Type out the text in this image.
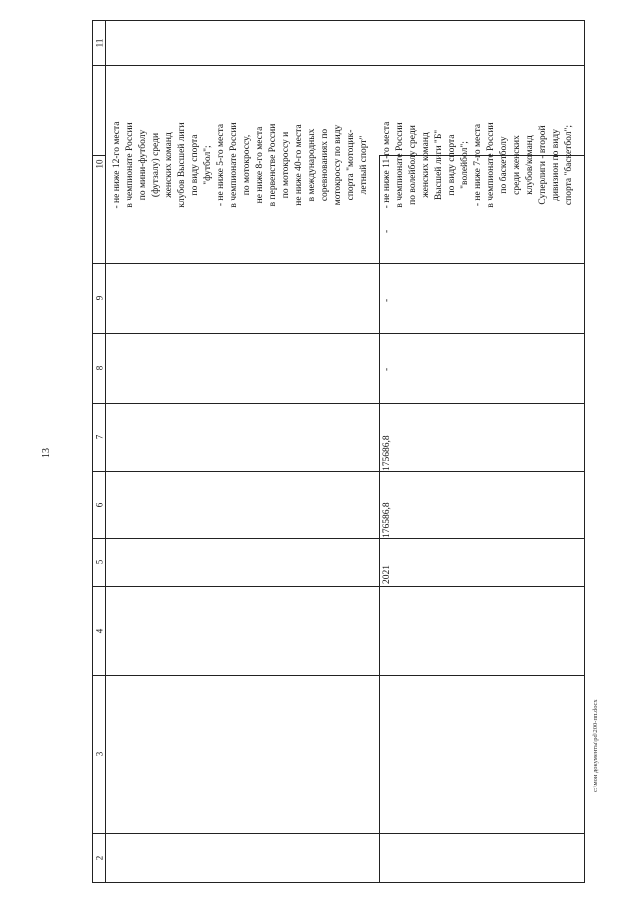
13
c:\мои документы\pd\200-пп.docx
11
10
9
8
7
6
5
4
3
2
- не ниже 12-го места в чемпионате России по мини-футболу (футзалу) среди женских команд клубов Высшей лиги по виду спорта "футбол"; - не ниже 5-го места в чемпионате России по мотокроссу, не ниже 8-го места в первенстве России по мотокроссу и не ниже 40-го места в международных соревнованиях по мотокроссу по виду спорта "мотоцик- летный спорт"
2021
176586,8
175686,8
-
-
-
- не ниже 11-го места в чемпионате России по волейболу среди женских команд Высшей лиги "Б" по виду спорта "волейбол"; - не ниже 7-го места в чемпионате России по баскетболу среди женских клубов/команд Суперлиги - второй дивизион по виду спорта "баскетбол";
